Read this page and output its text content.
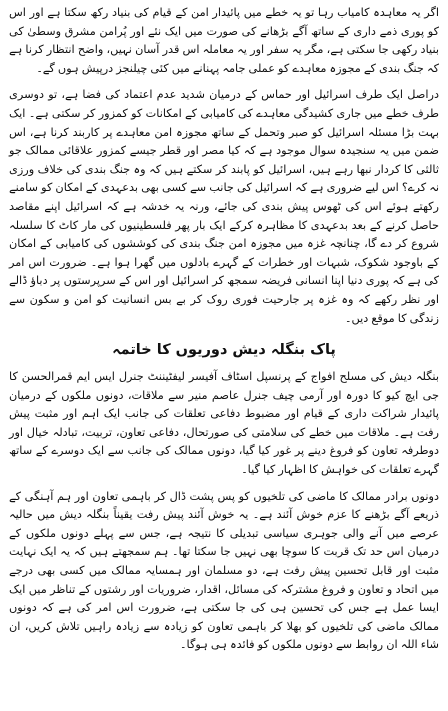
اگر یہ معاہدہ کامیاب رہا تو یہ خطے میں پائیدار امن کے قیام کی بنیاد رکھ سکتا ہے اور اس کو پوری ذمے داری کے ساتھ آگے بڑھانے کی صورت میں ایک نئے اور پُرامن مشرق وسطیٰ کی بنیاد رکھی جا سکتی ہے، مگر یہ سفر اور یہ معاملہ اس قدر آسان نہیں، واضح انتظار کرنا ہے کہ جنگ بندی کے مجوزہ معاہدے کو عملی جامہ پہنانے میں کئی چیلنجز درپیش ہوں گے۔

دراصل ایک طرف اسرائیل اور حماس کے درمیان شدید عدم اعتماد کی فضا ہے، تو دوسری طرف خطے میں جاری کشیدگی معاہدے کی کامیابی کے امکانات کو کمزور کر سکتی ہے۔ ایک بہت بڑا مسئلہ اسرائیل کو صبر وتحمل کے ساتھ مجوزہ امن معاہدے پر کاربند کرنا ہے، اس ضمن میں یہ سنجیدہ سوال موجود ہے کہ کیا مصر اور قطر جیسے کمزور علاقائی ممالک جو ثالثی کا کردار نبھا رہے ہیں، اسرائیل کو پابند کر سکتے ہیں کہ وہ جنگ بندی کی خلاف ورزی نہ کرے؟ اس لیے ضروری ہے کہ اسرائیل کی جانب سے کسی بھی بدعہدی کے امکان کو سامنے رکھتے ہوئے اس کی ٹھوس پیش بندی کی جائے، ورنہ یہ خدشہ ہے کہ اسرائیل اپنے مقاصد حاصل کرنے کے بعد بدعہدی کا مظاہرہ کرکے ایک بار پھر فلسطینیوں کی مار کاٹ کا سلسلہ شروع کر دے گا، چنانچہ غزہ میں مجوزہ امن جنگ بندی کی کوششوں کی کامیابی کے امکان کے باوجود شکوک، شبہات اور خطرات کے گہرے بادلوں میں گھرا ہوا ہے۔ ضرورت اس امر کی ہے کہ پوری دنیا اپنا انسانی فریضہ سمجھ کر اسرائیل اور اس کے سرپرستوں پر دباؤ ڈالے اور نظر رکھے کہ وہ غزہ پر جارحیت فوری روک کر بے بس انسانیت کو امن و سکون سے زندگی کا موقع دیں۔

پاک بنگلہ دیش دوریوں کا خاتمہ

بنگلہ دیش کی مسلح افواج کے پرنسپل اسٹاف آفیسر لیفٹیننٹ جنرل ایس ایم قمرالحسن کا جی ایچ کیو کا دورہ اور آرمی چیف جنرل عاصم منیر سے ملاقات، دونوں ملکوں کے درمیان پائیدار شراکت داری کے قیام اور مضبوط دفاعی تعلقات کی جانب ایک اہم اور مثبت پیش رفت ہے۔ ملاقات میں خطے کی سلامتی کی صورتحال، دفاعی تعاون، تربیت، تبادلہ خیال اور دوطرفہ تعاون کو فروغ دینے پر غور کیا گیا، دونوں ممالک کی جانب سے ایک دوسرے کے ساتھ گہرے تعلقات کی خواہش کا اظہار کیا گیا۔

دونوں برادر ممالک کا ماضی کی تلخیوں کو پس پشت ڈال کر باہمی تعاون اور ہم آہنگی کے ذریعے آگے بڑھنے کا عزم خوش آئند ہے۔ یہ خوش آئند پیش رفت یقیناً بنگلہ دیش میں حالیہ عرصے میں آنے والی جوہری سیاسی تبدیلی کا نتیجہ ہے، جس سے پہلے دونوں ملکوں کے درمیان اس حد تک قربت کا سوچا بھی نہیں جا سکتا تھا۔ ہم سمجھتے ہیں کہ یہ ایک نہایت مثبت اور قابل تحسین پیش رفت ہے، دو مسلمان اور ہمسایہ ممالک میں کسی بھی درجے میں اتحاد و تعاون و فروغ مشترکہ کی مسائل، اقدار، ضروریات اور رشتوں کے تناظر میں ایک ایسا عمل ہے جس کی تحسین ہی کی جا سکتی ہے، ضرورت اس امر کی ہے کہ دونوں ممالک ماضی کی تلخیوں کو بھلا کر باہمی تعاون کو زیادہ سے زیادہ راہیں تلاش کریں، ان شاء اللہ ان روابط سے دونوں ملکوں کو فائدہ ہی ہوگا۔
